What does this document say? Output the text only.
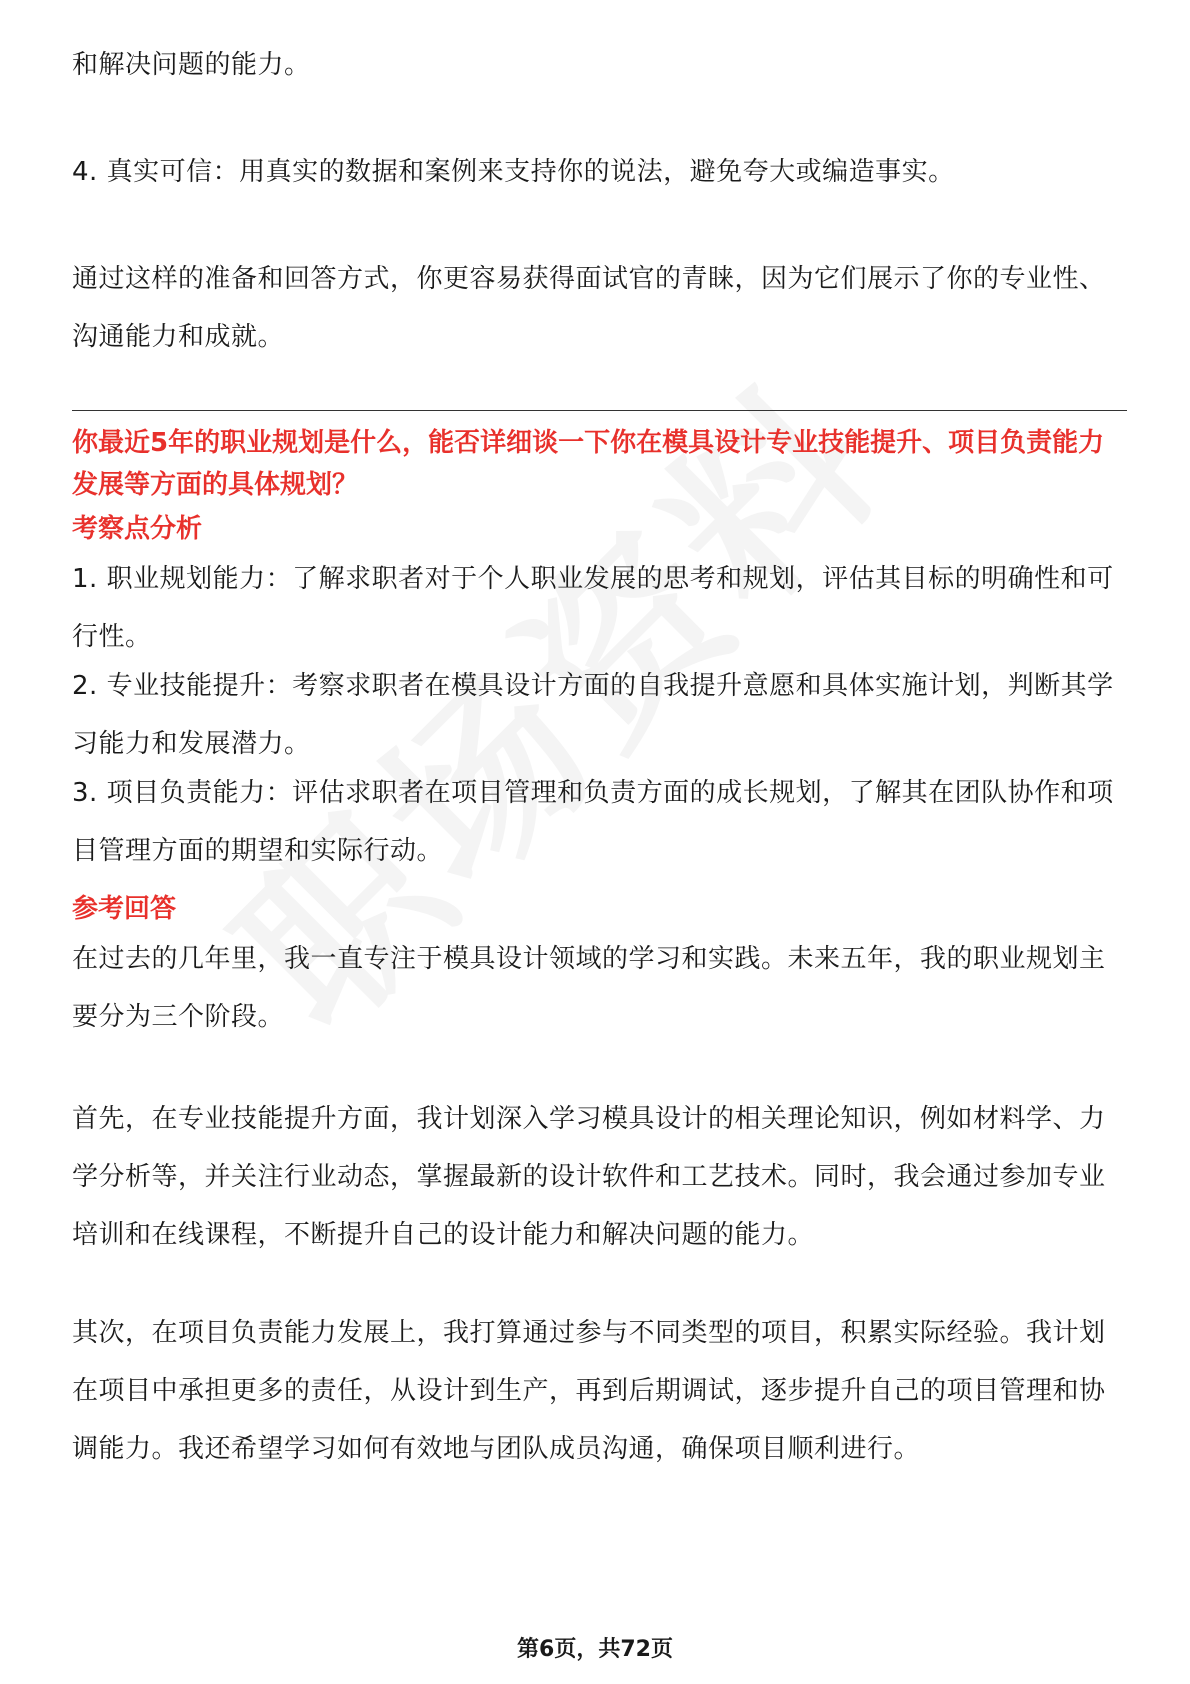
和解决问题的能力。

4. 真实可信：用真实的数据和案例来支持你的说法，避免夸大或编造事实。

通过这样的准备和回答方式，你更容易获得面试官的青睐，因为它们展示了你的专业性、沟通能力和成就。

你最近5年的职业规划是什么，能否详细谈一下你在模具设计专业技能提升、项目负责能力发展等方面的具体规划？

考察点分析

1. 职业规划能力：了解求职者对于个人职业发展的思考和规划，评估其目标的明确性和可行性。

2. 专业技能提升：考察求职者在模具设计方面的自我提升意愿和具体实施计划，判断其学习能力和发展潜力。

3. 项目负责能力：评估求职者在项目管理和负责方面的成长规划，了解其在团队协作和项目管理方面的期望和实际行动。

参考回答

在过去的几年里，我一直专注于模具设计领域的学习和实践。未来五年，我的职业规划主要分为三个阶段。

首先，在专业技能提升方面，我计划深入学习模具设计的相关理论知识，例如材料学、力学分析等，并关注行业动态，掌握最新的设计软件和工艺技术。同时，我会通过参加专业培训和在线课程，不断提升自己的设计能力和解决问题的能力。

其次，在项目负责能力发展上，我打算通过参与不同类型的项目，积累实际经验。我计划在项目中承担更多的责任，从设计到生产，再到后期调试，逐步提升自己的项目管理和协调能力。我还希望学习如何有效地与团队成员沟通，确保项目顺利进行。

第6页，共72页
